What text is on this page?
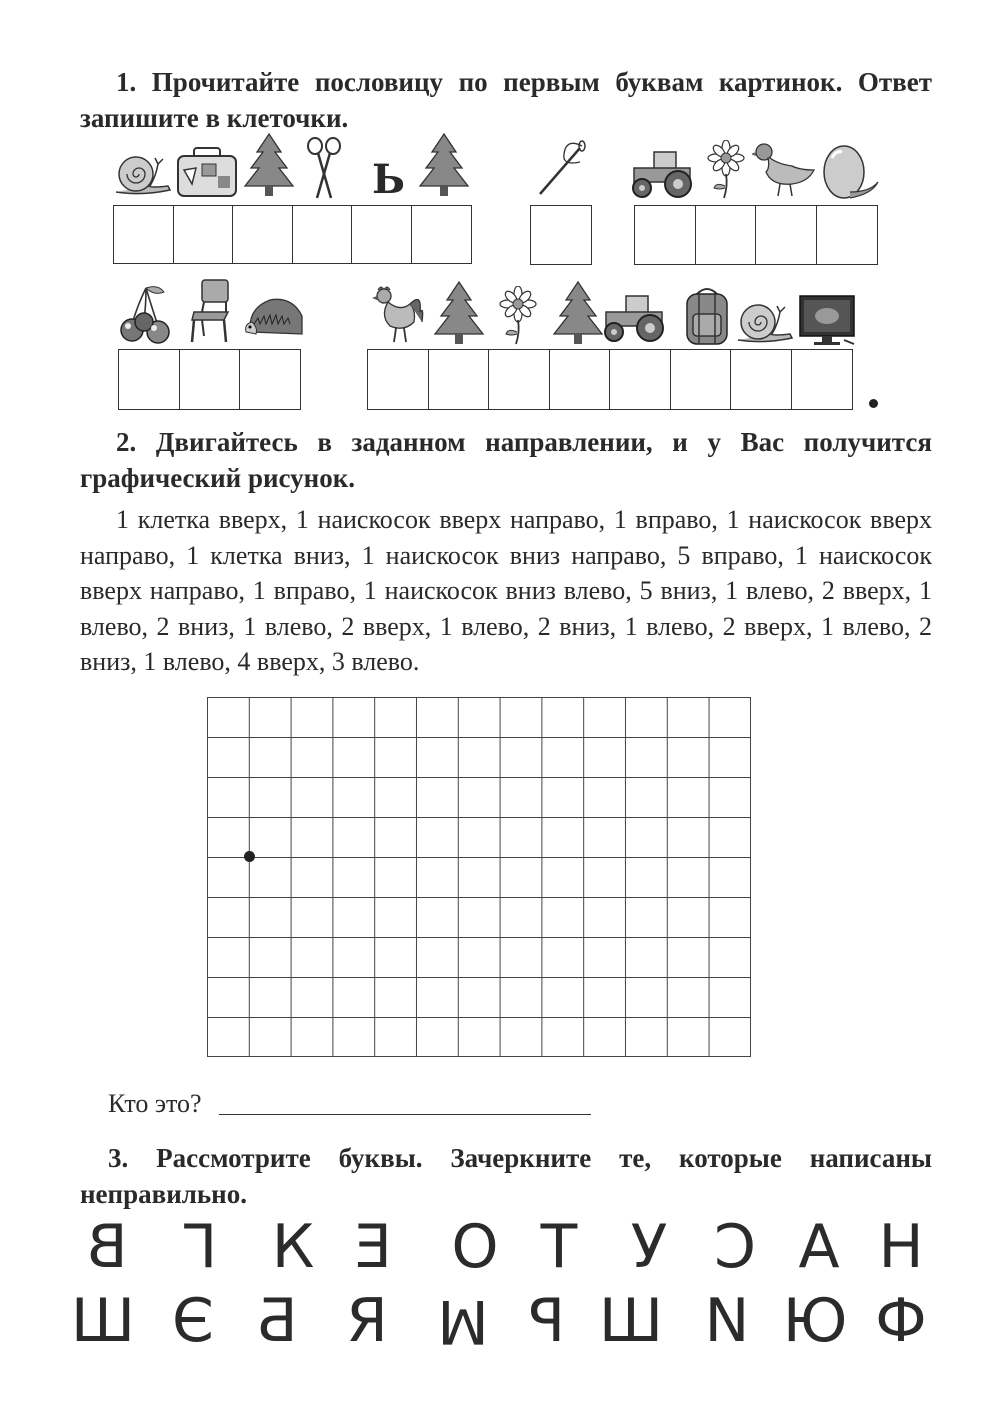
1. Прочитайте пословицу по первым буквам картинок. Ответ запишите в клеточки.

Ь

2. Двигайтесь в заданном направлении, и у Вас получится графический рисунок.

1 клетка вверх, 1 наискосок вверх направо, 1 вправо, 1 наискосок вверх направо, 1 клетка вниз, 1 наискосок вниз направо, 5 вправо, 1 наискосок вверх направо, 1 вправо, 1 наискосок вниз влево, 5 вниз, 1 влево, 2 вверх, 1 влево, 2 вниз, 1 влево, 2 вверх, 1 влево, 2 вниз, 1 влево, 2 вверх, 1 влево, 2 вниз, 1 влево, 4 вверх, 3 влево.

Кто это?

3. Рассмотрите буквы. Зачеркните те, которые написаны неправильно.

В Г К Е О Т У С А Н
Ш Є Б Я М Р Ш N Ю Ф
